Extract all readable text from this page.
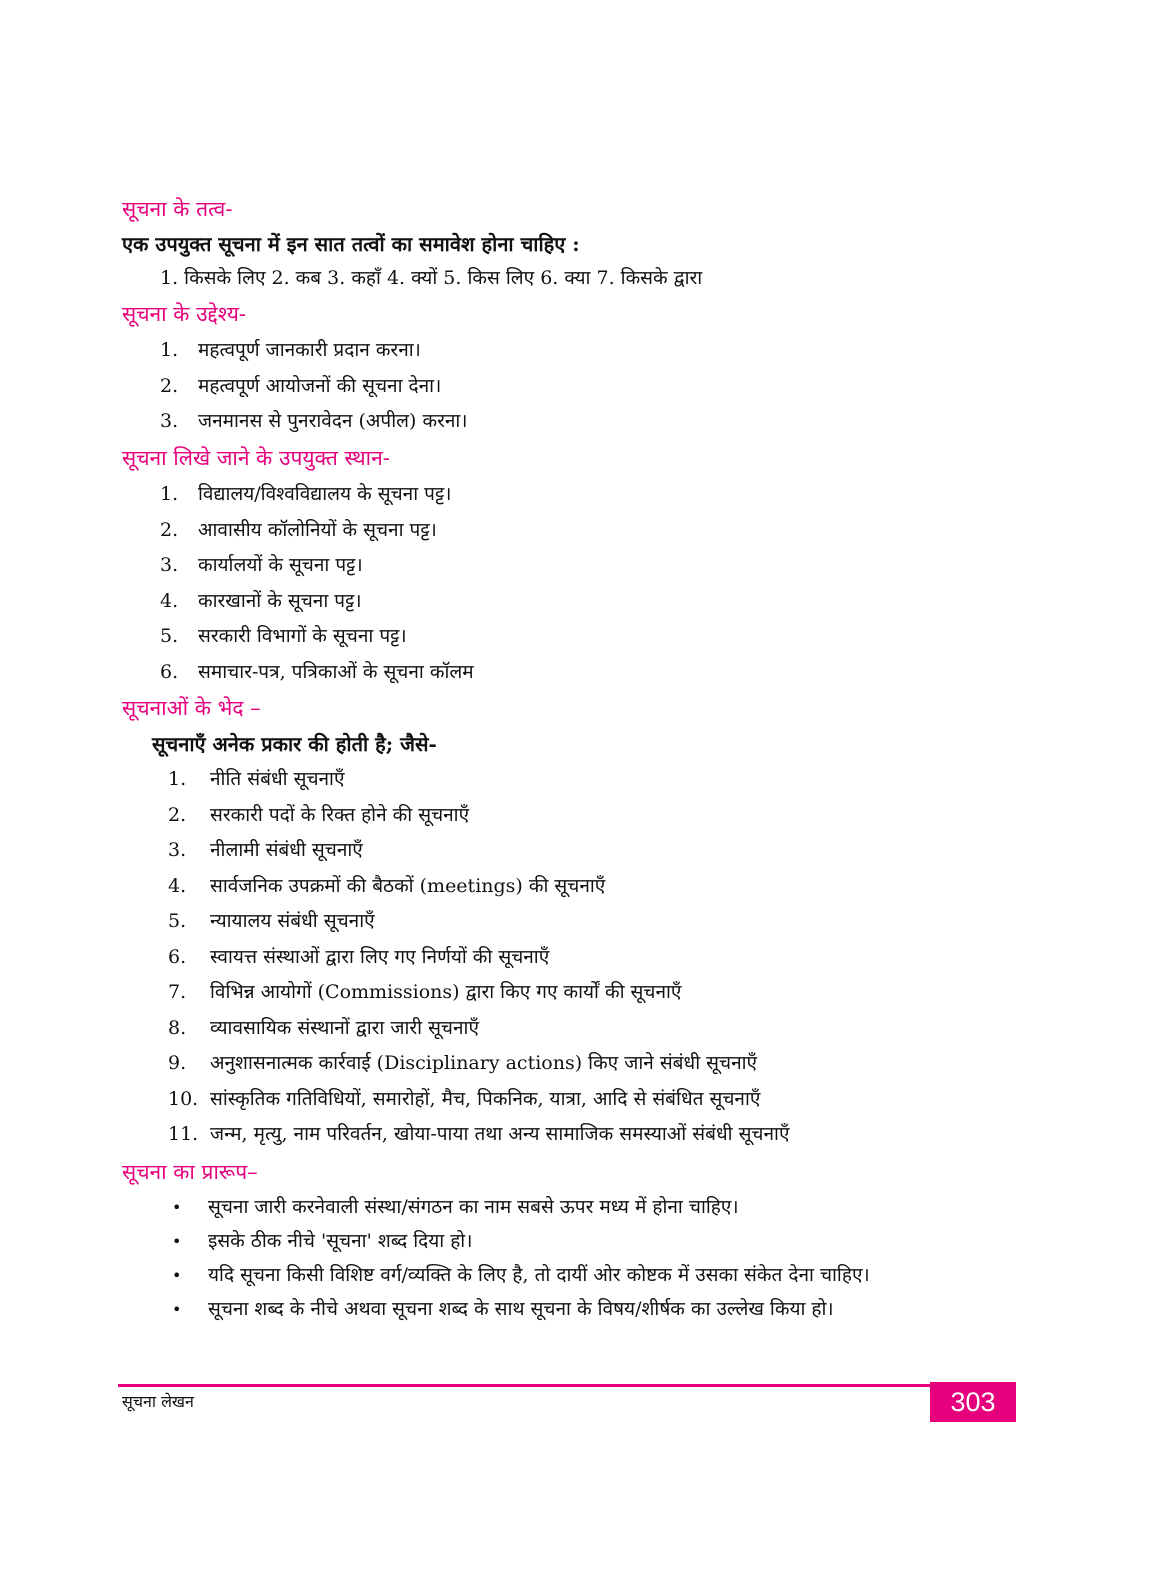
सूचना के तत्व-

एक उपयुक्त सूचना में इन सात तत्वों का समावेश होना चाहिए :

1. किसके लिए 2. कब 3. कहाँ 4. क्यों 5. किस लिए 6. क्या 7. किसके द्वारा

सूचना के उद्देश्य-
1.	महत्वपूर्ण जानकारी प्रदान करना।
2.	महत्वपूर्ण आयोजनों की सूचना देना।
3.	जनमानस से पुनरावेदन (अपील) करना।
सूचना लिखे जाने के उपयुक्त स्थान-
1.	विद्यालय/विश्वविद्यालय के सूचना पट्ट।
2.	आवासीय कॉलोनियों के सूचना पट्ट।
3.	कार्यालयों के सूचना पट्ट।
4.	कारखानों के सूचना पट्ट।
5.	सरकारी विभागों के सूचना पट्ट।
6.	समाचार-पत्र, पत्रिकाओं के सूचना कॉलम
सूचनाओं के भेद –

सूचनाएँ अनेक प्रकार की होती है; जैसे-

1.	नीति संबंधी सूचनाएँ
2.	सरकारी पदों के रिक्त होने की सूचनाएँ
3.	नीलामी संबंधी सूचनाएँ
4.	सार्वजनिक उपक्रमों की बैठकों (meetings) की सूचनाएँ
5.	न्यायालय संबंधी सूचनाएँ
6.	स्वायत्त संस्थाओं द्वारा लिए गए निर्णयों की सूचनाएँ
7.	विभिन्न आयोगों (Commissions) द्वारा किए गए कार्यों की सूचनाएँ
8.	व्यावसायिक संस्थानों द्वारा जारी सूचनाएँ
9.	अनुशासनात्मक कार्रवाई (Disciplinary actions) किए जाने संबंधी सूचनाएँ
10. सांस्कृतिक गतिविधियों, समारोहों, मैच, पिकनिक, यात्रा, आदि से संबंधित सूचनाएँ
11. जन्म, मृत्यु, नाम परिवर्तन, खोया-पाया तथा अन्य सामाजिक समस्याओं संबंधी सूचनाएँ
सूचना का प्रारूप–
• सूचना जारी करनेवाली संस्था/संगठन का नाम सबसे ऊपर मध्य में होना चाहिए।
• इसके ठीक नीचे 'सूचना' शब्द दिया हो।
• यदि सूचना किसी विशिष्ट वर्ग/व्यक्ति के लिए है, तो दायीं ओर कोष्टक में उसका संकेत देना चाहिए।
• सूचना शब्द के नीचे अथवा सूचना शब्द के साथ सूचना के विषय/शीर्षक का उल्लेख किया हो।
सूचना लेखन	303
